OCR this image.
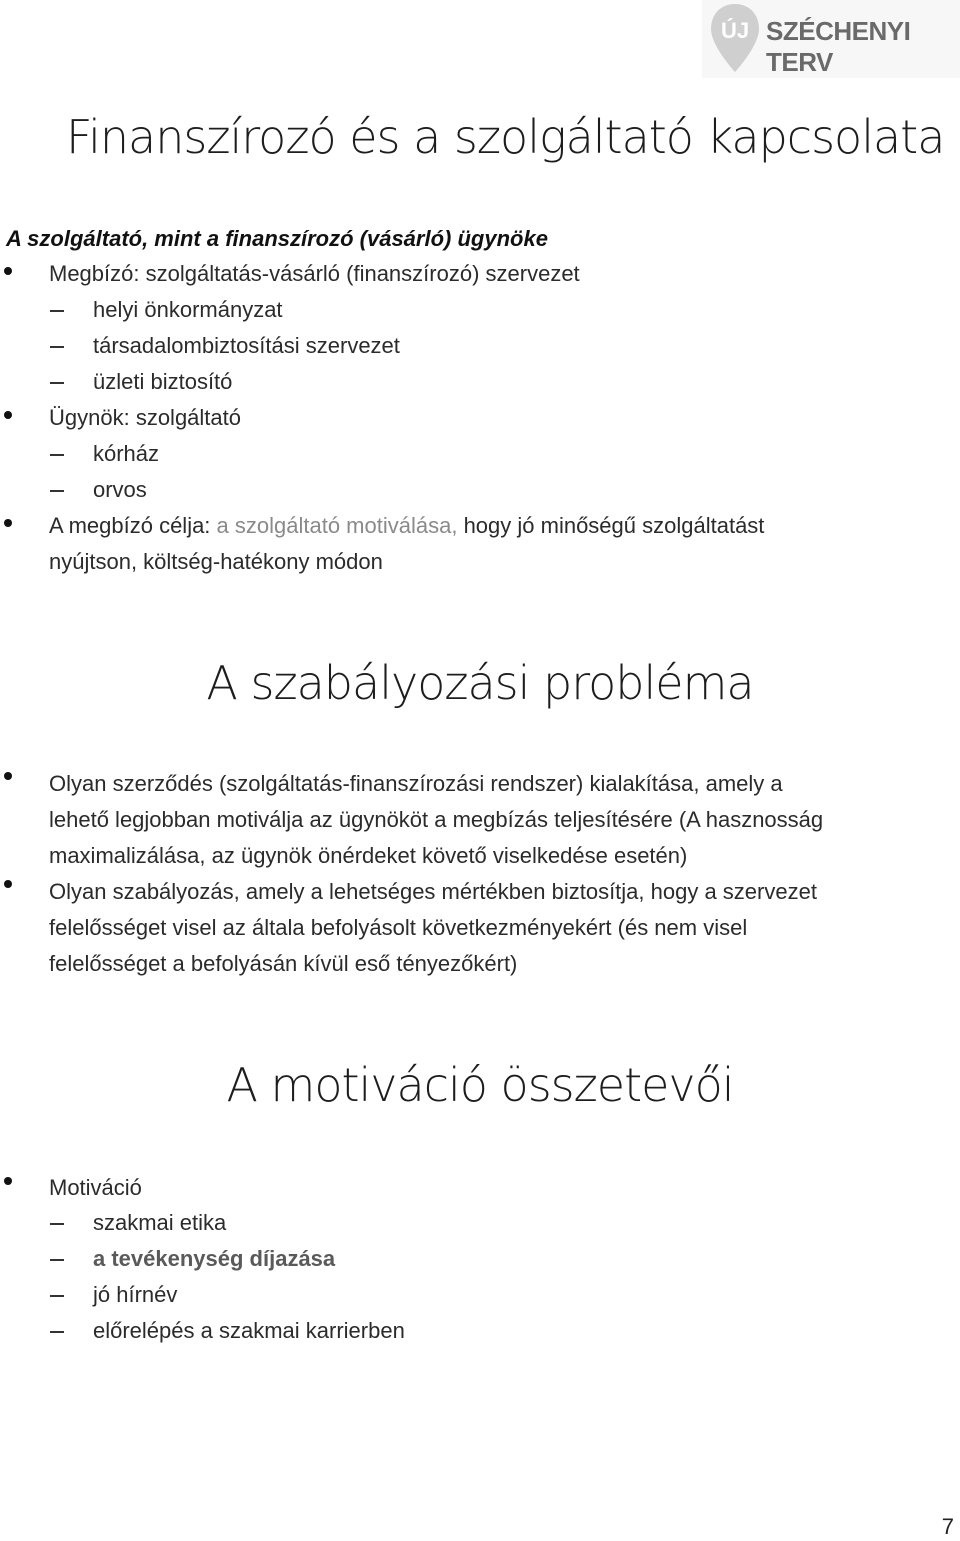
ÚJ SZÉCHENYI TERV
Finanszírozó és a szolgáltató kapcsolata
A szolgáltató, mint a finanszírozó (vásárló) ügynöke
Megbízó: szolgáltatás-vásárló (finanszírozó) szervezet
helyi önkormányzat
társadalombiztosítási szervezet
üzleti biztosító
Ügynök: szolgáltató
kórház
orvos
A megbízó célja: a szolgáltató motiválása, hogy jó minőségű szolgáltatást
nyújtson, költség-hatékony módon
A szabályozási probléma
Olyan szerződés (szolgáltatás-finanszírozási rendszer) kialakítása, amely a
lehető legjobban motiválja az ügynököt a megbízás teljesítésére (A hasznosság
maximalizálása, az ügynök önérdeket követő viselkedése esetén)
Olyan szabályozás, amely a lehetséges mértékben biztosítja, hogy a szervezet
felelősséget visel az általa befolyásolt következményekért (és nem visel
felelősséget a befolyásán kívül eső tényezőkért)
A motiváció összetevői
Motiváció
szakmai etika
a tevékenység díjazása
jó hírnév
előrelépés a szakmai karrierben
7
